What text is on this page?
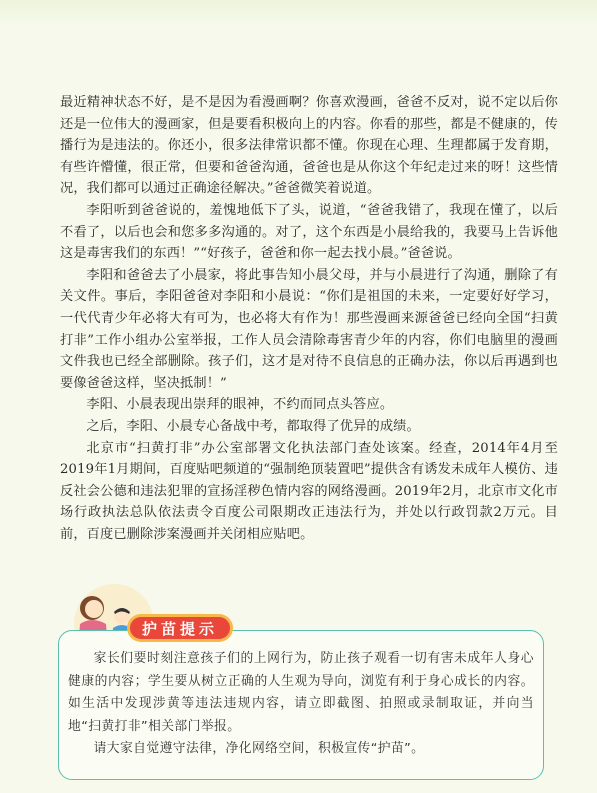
最近精神状态不好，是不是因为看漫画啊？你喜欢漫画，爸爸不反对，说不定以后你还是一位伟大的漫画家，但是要看积极向上的内容。你看的那些，都是不健康的，传播行为是违法的。你还小，很多法律常识都不懂。你现在心理、生理都属于发育期，有些许懵懂，很正常，但要和爸爸沟通，爸爸也是从你这个年纪走过来的呀！这些情况，我们都可以通过正确途径解决。”爸爸微笑着说道。

李阳听到爸爸说的，羞愧地低下了头，说道，“爸爸我错了，我现在懂了，以后不看了，以后也会和您多多沟通的。对了，这个东西是小晨给我的，我要马上告诉他这是毒害我们的东西！”“好孩子，爸爸和你一起去找小晨。”爸爸说。

李阳和爸爸去了小晨家，将此事告知小晨父母，并与小晨进行了沟通，删除了有关文件。事后，李阳爸爸对李阳和小晨说：“你们是祖国的未来，一定要好好学习，一代代青少年必将大有可为，也必将大有作为！那些漫画来源爸爸已经向全国“扫黄打非”工作小组办公室举报，工作人员会清除毒害青少年的内容，你们电脑里的漫画文件我也已经全部删除。孩子们，这才是对待不良信息的正确办法，你以后再遇到也要像爸爸这样，坚决抵制！”

李阳、小晨表现出崇拜的眼神，不约而同点头答应。

之后，李阳、小晨专心备战中考，都取得了优异的成绩。

北京市“扫黄打非”办公室部署文化执法部门查处该案。经查，2014年4月至2019年1月期间，百度贴吧频道的“强制绝顶装置吧”提供含有诱发未成年人模仿、违反社会公德和违法犯罪的宣扬淫秽色情内容的网络漫画。2019年2月，北京市文化市场行政执法总队依法责令百度公司限期改正违法行为，并处以行政罚款2万元。目前，百度已删除涉案漫画并关闭相应贴吧。

护苗提示

家长们要时刻注意孩子们的上网行为，防止孩子观看一切有害未成年人身心健康的内容；学生要从树立正确的人生观为导向，浏览有利于身心成长的内容。如生活中发现涉黄等违法违规内容，请立即截图、拍照或录制取证，并向当地“扫黄打非”相关部门举报。

请大家自觉遵守法律，净化网络空间，积极宣传“护苗”。
